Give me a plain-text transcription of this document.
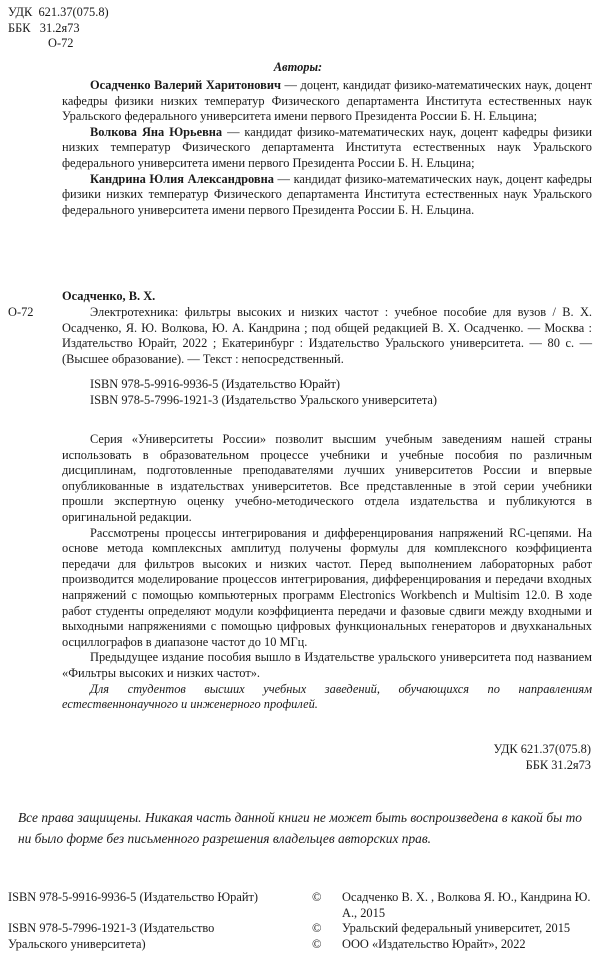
УДК 621.37(075.8)
ББК 31.2я73
О-72
Авторы:

Осадченко Валерий Харитонович — доцент, кандидат физико-математических наук, доцент кафедры физики низких температур Физического департамента Института естественных наук Уральского федерального университета имени первого Президента России Б. Н. Ельцина;

Волкова Яна Юрьевна — кандидат физико-математических наук, доцент кафедры физики низких температур Физического департамента Института естественных наук Уральского федерального университета имени первого Президента России Б. Н. Ельцина;

Кандрина Юлия Александровна — кандидат физико-математических наук, доцент кафедры физики низких температур Физического департамента Института естественных наук Уральского федерального университета имени первого Президента России Б. Н. Ельцина.

Осадченко, В. Х.
О-72	Электротехника: фильтры высоких и низких частот : учебное пособие для вузов / В. Х. Осадченко, Я. Ю. Волкова, Ю. А. Кандрина ; под общей редакцией В. Х. Осадченко. — Москва : Издательство Юрайт, 2022 ; Екатеринбург : Издательство Уральского университета. — 80 с. — (Высшее образование). — Текст : непосредственный.

ISBN 978-5-9916-9936-5 (Издательство Юрайт)

ISBN 978-5-7996-1921-3 (Издательство Уральского университета)

Серия «Университеты России» позволит высшим учебным заведениям нашей страны использовать в образовательном процессе учебники и учебные пособия по различным дисциплинам, подготовленные преподавателями лучших университетов России и впервые опубликованные в издательствах университетов. Все представленные в этой серии учебники прошли экспертную оценку учебно-методического отдела издательства и публикуются в оригинальной редакции.

Рассмотрены процессы интегрирования и дифференцирования напряжений RC-цепями. На основе метода комплексных амплитуд получены формулы для комплексного коэффициента передачи для фильтров высоких и низких частот. Перед выполнением лабораторных работ производится моделирование процессов интегрирования, дифференцирования и передачи входных напряжений с помощью компьютерных программ Electronics Workbench и Multisim 12.0. В ходе работ студенты определяют модули коэффициента передачи и фазовые сдвиги между входными и выходными напряжениями с помощью цифровых функциональных генераторов и двухканальных осциллографов в диапазоне частот до 10 МГц.

Предыдущее издание пособия вышло в Издательстве уральского университета под названием «Фильтры высоких и низких частот».

Для студентов высших учебных заведений, обучающихся по направлениям естественнонаучного и инженерного профилей.

УДК 621.37(075.8)
ББК 31.2я73
Все права защищены. Никакая часть данной книги не может быть воспроизведена в какой бы то ни было форме без письменного разрешения владельцев авторских прав.
ISBN 978-5-9916-9936-5 (Издательство Юрайт)
ISBN 978-5-7996-1921-3 (Издательство Уральского университета)
© Осадченко В. Х. , Волкова Я. Ю., Кандрина Ю. А., 2015
© Уральский федеральный университет, 2015
© ООО «Издательство Юрайт», 2022
